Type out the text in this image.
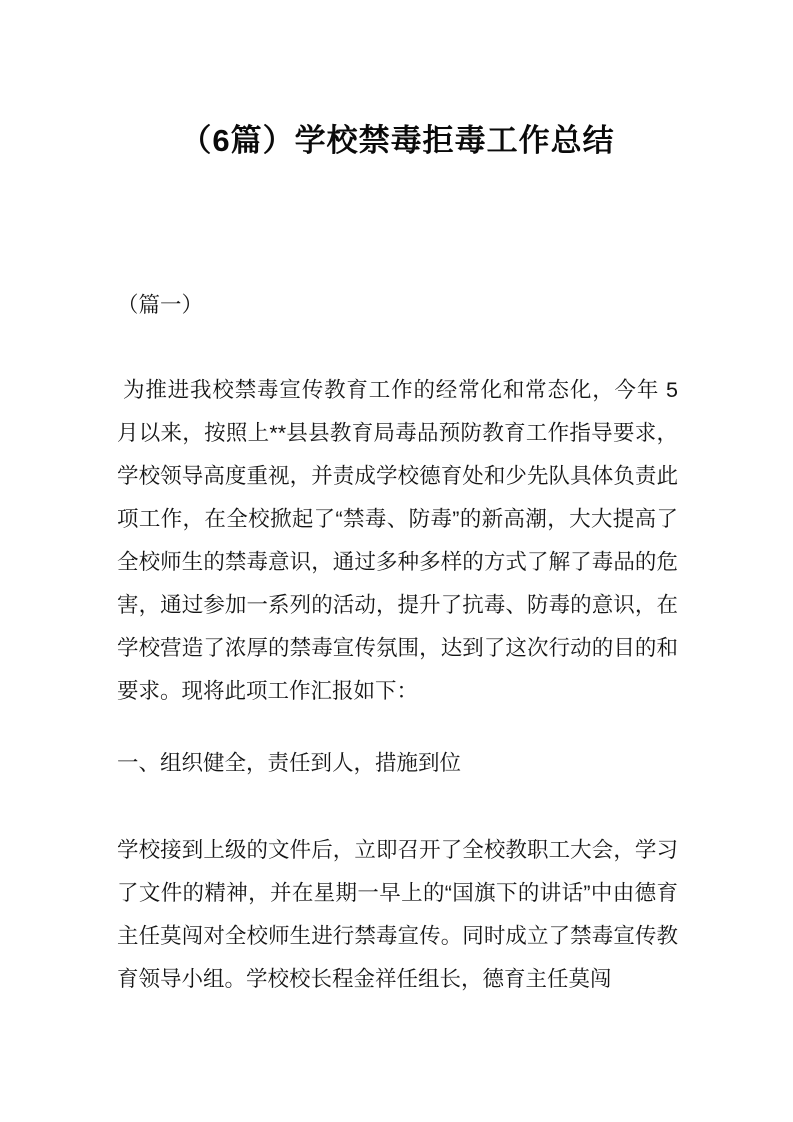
（6篇）学校禁毒拒毒工作总结
（篇一）

为推进我校禁毒宣传教育工作的经常化和常态化，今年 5月以来，按照上**县县教育局毒品预防教育工作指导要求，学校领导高度重视，并责成学校德育处和少先队具体负责此项工作，在全校掀起了“禁毒、防毒”的新高潮，大大提高了全校师生的禁毒意识，通过多种多样的方式了解了毒品的危害，通过参加一系列的活动，提升了抗毒、防毒的意识，在学校营造了浓厚的禁毒宣传氛围，达到了这次行动的目的和要求。现将此项工作汇报如下：

一、组织健全，责任到人，措施到位

学校接到上级的文件后，立即召开了全校教职工大会，学习了文件的精神，并在星期一早上的“国旗下的讲话”中由德育主任莫闯对全校师生进行禁毒宣传。同时成立了禁毒宣传教育领导小组。学校校长程金祥任组长，德育主任莫闯
